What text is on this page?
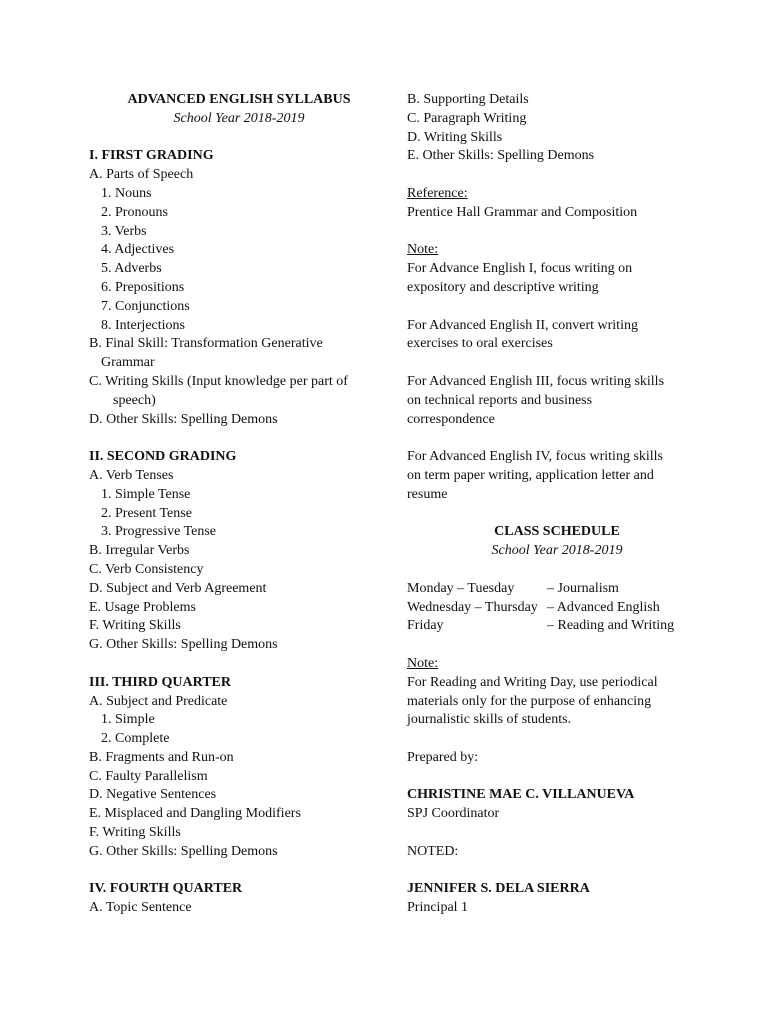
ADVANCED ENGLISH SYLLABUS

School Year 2018-2019

I. FIRST GRADING

A. Parts of Speech

1. Nouns

2. Pronouns

3. Verbs

4. Adjectives

5. Adverbs

6. Prepositions

7. Conjunctions

8. Interjections

B. Final Skill: Transformation Generative

Grammar

C. Writing Skills (Input knowledge per part of

speech)

D. Other Skills: Spelling Demons

II. SECOND GRADING

A. Verb Tenses

1. Simple Tense

2. Present Tense

3. Progressive Tense

B. Irregular Verbs

C. Verb Consistency

D. Subject and Verb Agreement

E. Usage Problems

F. Writing Skills

G. Other Skills: Spelling Demons

III. THIRD QUARTER

A. Subject and Predicate

1. Simple

2. Complete

B. Fragments and Run-on

C. Faulty Parallelism

D. Negative Sentences

E. Misplaced and Dangling Modifiers

F. Writing Skills

G. Other Skills: Spelling Demons

IV. FOURTH QUARTER

A. Topic Sentence

B. Supporting Details

C. Paragraph Writing

D. Writing Skills

E. Other Skills: Spelling Demons

Reference:

Prentice Hall Grammar and Composition

Note:

For Advance English I, focus writing on

expository and descriptive writing

For Advanced English II, convert writing

exercises to oral exercises

For Advanced English III, focus writing skills

on technical reports and business

correspondence

For Advanced English IV, focus writing skills

on term paper writing, application letter and

resume

CLASS SCHEDULE

School Year 2018-2019

Monday – Tuesday	– Journalism
Wednesday – Thursday – Advanced English
Friday	– Reading and Writing

Note:

For Reading and Writing Day, use periodical

materials only for the purpose of enhancing

journalistic skills of students.

Prepared by:

CHRISTINE MAE C. VILLANUEVA

SPJ Coordinator

NOTED:

JENNIFER S. DELA SIERRA

Principal 1
